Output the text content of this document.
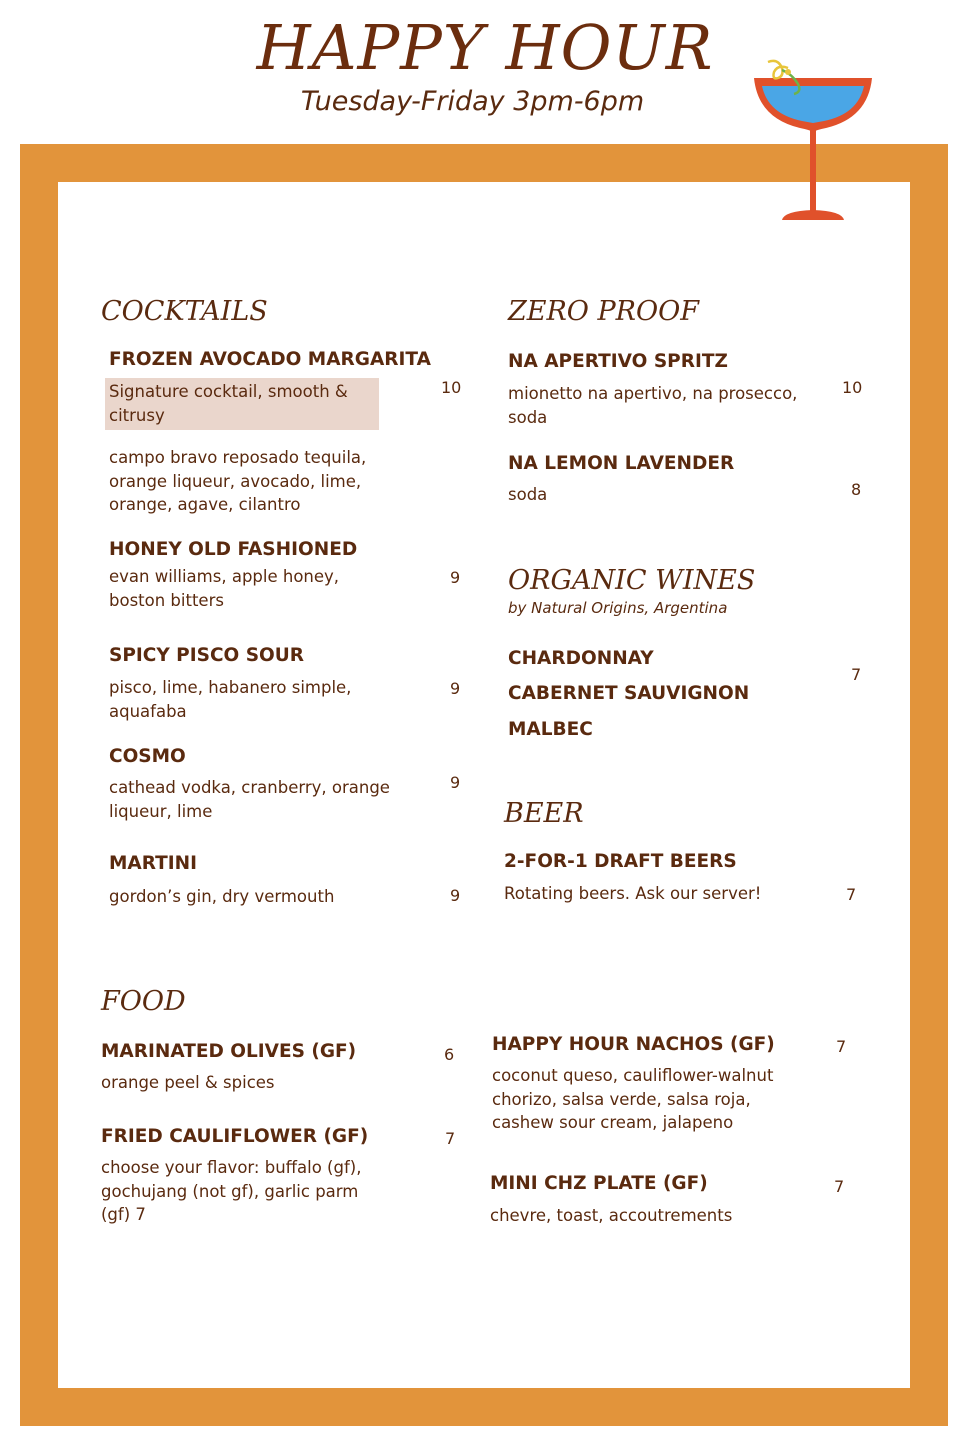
HAPPY HOUR
Tuesday-Friday 3pm-6pm
COCKTAILS
FROZEN AVOCADO MARGARITA
Signature cocktail, smooth & citrusy
10
campo bravo reposado tequila, orange liqueur, avocado, lime, orange, agave, cilantro
HONEY OLD FASHIONED
evan williams, apple honey, boston bitters
9
SPICY PISCO SOUR
pisco, lime, habanero simple, aquafaba
9
COSMO
cathead vodka, cranberry, orange liqueur, lime
9
MARTINI
gordon’s gin, dry vermouth	9
ZERO PROOF
NA APERTIVO SPRITZ
mionetto na apertivo, na prosecco, soda
10
NA LEMON LAVENDER
soda	8
ORGANIC WINES
by Natural Origins, Argentina
CHARDONNAY
CABERNET SAUVIGNON
MALBEC
7
BEER
2-FOR-1 DRAFT BEERS
Rotating beers. Ask our server!	7
FOOD
MARINATED OLIVES (GF)
orange peel & spices
6
FRIED CAULIFLOWER (GF)
choose your flavor: buffalo (gf), gochujang (not gf), garlic parm (gf) 7
7
HAPPY HOUR NACHOS (GF)
coconut queso, cauliflower-walnut chorizo, salsa verde, salsa roja, cashew sour cream, jalapeno
7
MINI CHZ PLATE (GF)
chevre, toast, accoutrements
7
